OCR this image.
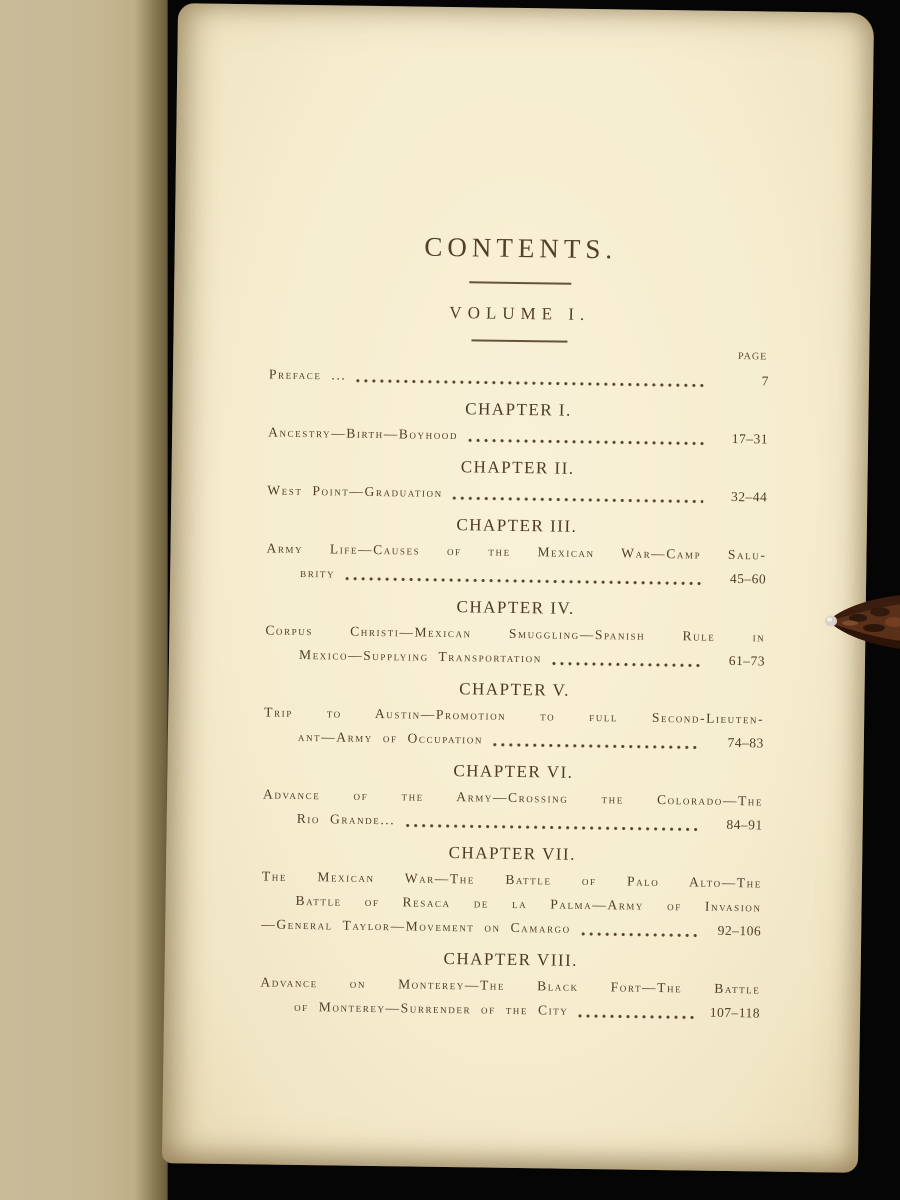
CONTENTS.
VOLUME I.
PAGE
Preface ...	7
CHAPTER I.
Ancestry—Birth—Boyhood	17–31
CHAPTER II.
West Point—Graduation	32–44
CHAPTER III.
Army Life—Causes of the Mexican War—Camp Salu-
brity	45–60
CHAPTER IV.
Corpus Christi—Mexican Smuggling—Spanish Rule in
Mexico—Supplying Transportation	61–73
CHAPTER V.
Trip to Austin—Promotion to full Second-Lieuten-
ant—Army of Occupation	74–83
CHAPTER VI.
Advance of the Army—Crossing the Colorado—The
Rio Grande...	84–91
CHAPTER VII.
The Mexican War—The Battle of Palo Alto—The
Battle of Resaca de la Palma—Army of Invasion
—General Taylor—Movement on Camargo	92–106
CHAPTER VIII.
Advance on Monterey—The Black Fort—The Battle
of Monterey—Surrender of the City	107–118
